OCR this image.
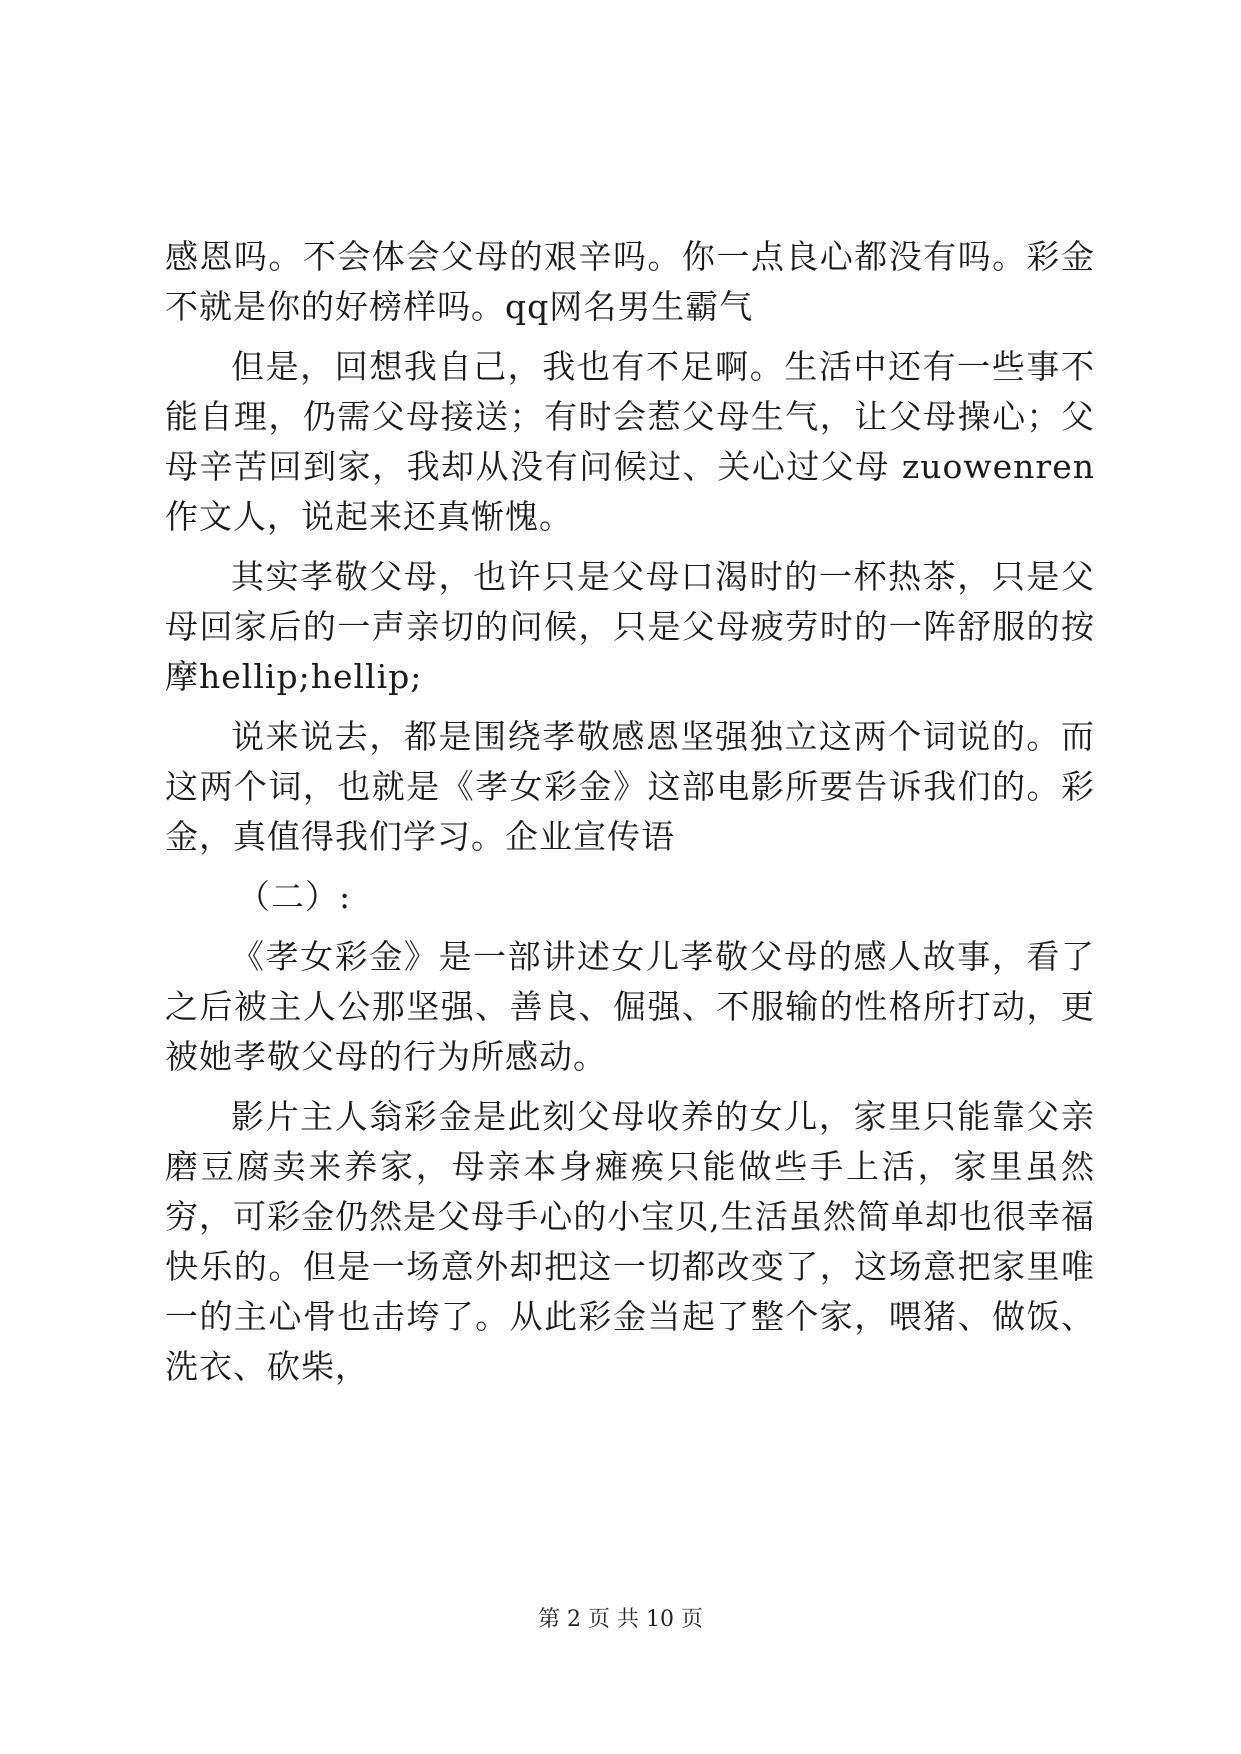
感恩吗。不会体会父母的艰辛吗。你一点良心都没有吗。彩金不就是你的好榜样吗。qq网名男生霸气

但是，回想我自己，我也有不足啊。生活中还有一些事不能自理，仍需父母接送；有时会惹父母生气，让父母操心；父母辛苦回到家，我却从没有问候过、关心过父母 zuowenren 作文人，说起来还真惭愧。

其实孝敬父母，也许只是父母口渴时的一杯热茶，只是父母回家后的一声亲切的问候，只是父母疲劳时的一阵舒服的按摩hellip;hellip;

说来说去，都是围绕孝敬感恩坚强独立这两个词说的。而这两个词，也就是《孝女彩金》这部电影所要告诉我们的。彩金，真值得我们学习。企业宣传语

（二）:

《孝女彩金》是一部讲述女儿孝敬父母的感人故事，看了之后被主人公那坚强、善良、倔强、不服输的性格所打动，更被她孝敬父母的行为所感动。

影片主人翁彩金是此刻父母收养的女儿，家里只能靠父亲磨豆腐卖来养家，母亲本身瘫痪只能做些手上活，家里虽然穷，可彩金仍然是父母手心的小宝贝,生活虽然简单却也很幸福快乐的。但是一场意外却把这一切都改变了，这场意把家里唯一的主心骨也击垮了。从此彩金当起了整个家，喂猪、做饭、洗衣、砍柴，

第 2 页 共 10 页
